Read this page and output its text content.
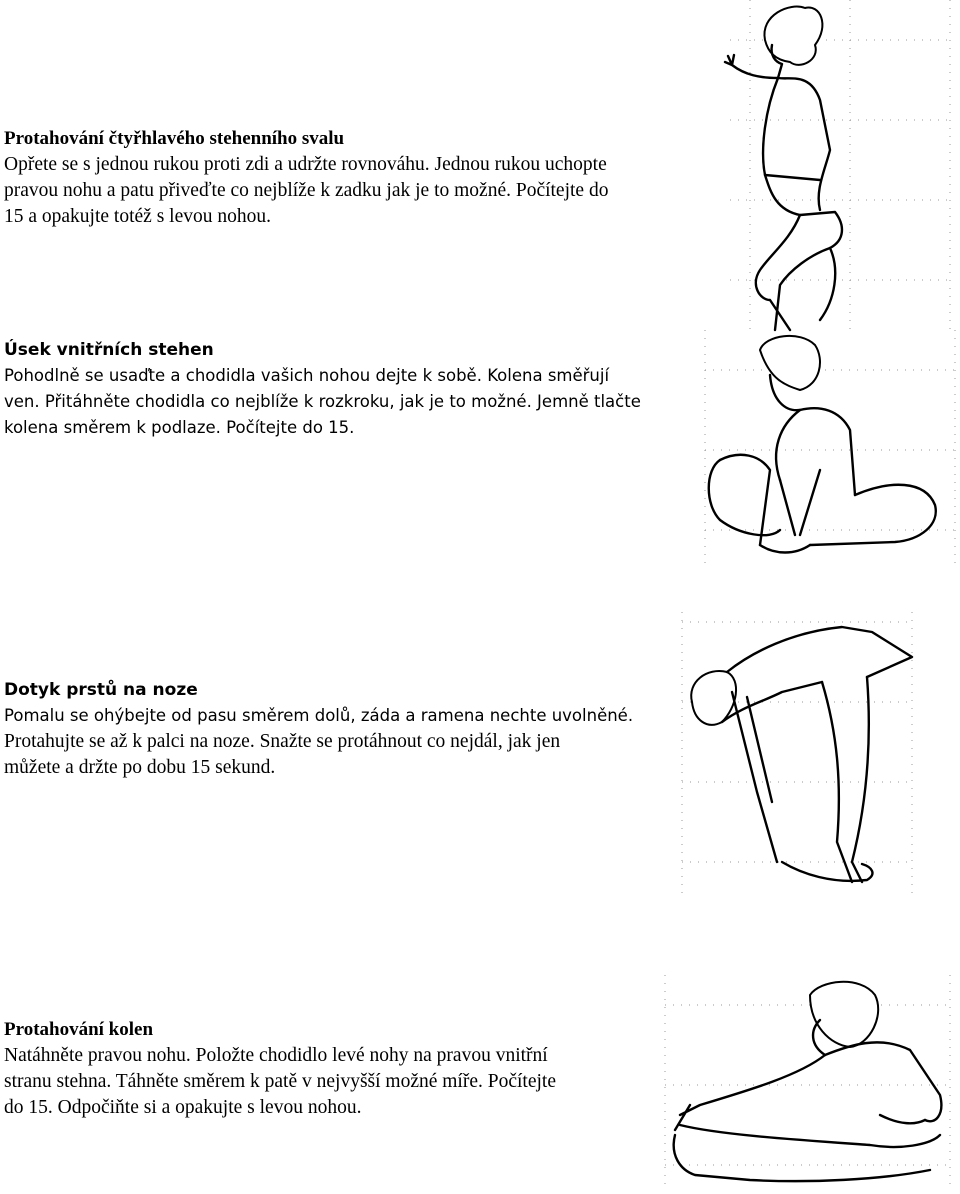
Protahování čtyřhlavého stehenního svalu

Opřete se s jednou rukou proti zdi a udržte rovnováhu. Jednou rukou uchopte

pravou nohu a patu přiveďte co nejblíže k zadku jak je to možné. Počítejte do

15 a opakujte totéž s levou nohou.

Úsek vnitřních stehen

Pohodlně se usaďte a chodidla vašich nohou dejte k sobě. Kolena směřují

ven. Přitáhněte chodidla co nejblíže k rozkroku, jak je to možné. Jemně tlačte

kolena směrem k podlaze. Počítejte do 15.

Dotyk prstů na noze

Pomalu se ohýbejte od pasu směrem dolů, záda a ramena nechte uvolněné.

Protahujte se až k palci na noze. Snažte se protáhnout co nejdál, jak jen

můžete a držte po dobu 15 sekund.

Protahování kolen

Natáhněte pravou nohu. Položte chodidlo levé nohy na pravou vnitřní

stranu stehna. Táhněte směrem k patě v nejvyšší možné míře. Počítejte

do 15. Odpočiňte si a opakujte s levou nohou.
